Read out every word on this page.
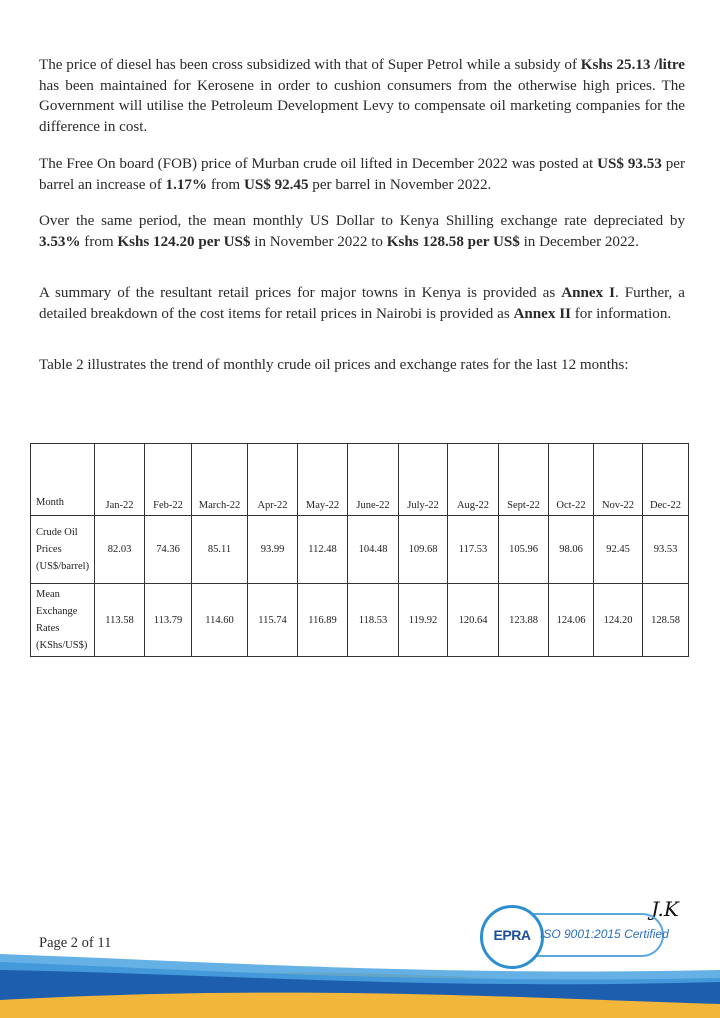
The price of diesel has been cross subsidized with that of Super Petrol while a subsidy of Kshs 25.13 /litre has been maintained for Kerosene in order to cushion consumers from the otherwise high prices. The Government will utilise the Petroleum Development Levy to compensate oil marketing companies for the difference in cost.

The Free On board (FOB) price of Murban crude oil lifted in December 2022 was posted at US$ 93.53 per barrel an increase of 1.17% from US$ 92.45 per barrel in November 2022.

Over the same period, the mean monthly US Dollar to Kenya Shilling exchange rate depreciated by 3.53% from Kshs 124.20 per US$ in November 2022 to Kshs 128.58 per US$ in December 2022.

A summary of the resultant retail prices for major towns in Kenya is provided as Annex I. Further, a detailed breakdown of the cost items for retail prices in Nairobi is provided as Annex II for information.

Table 2 illustrates the trend of monthly crude oil prices and exchange rates for the last 12 months:

Month	Jan-22	Feb-22	March-22	Apr-22	May-22	June-22	July-22	Aug-22	Sept-22	Oct-22	Nov-22	Dec-22
Crude Oil
Prices
(US$/barrel)	82.03	74.36	85.11	93.99	112.48	104.48	109.68	117.53	105.96	98.06	92.45	93.53
Mean
Exchange
Rates
(KShs/US$)	113.58	113.79	114.60	115.74	116.89	118.53	119.92	120.64	123.88	124.06	124.20	128.58
J.K
EPRA ISO 9001:2015 Certified
Page 2 of 11
